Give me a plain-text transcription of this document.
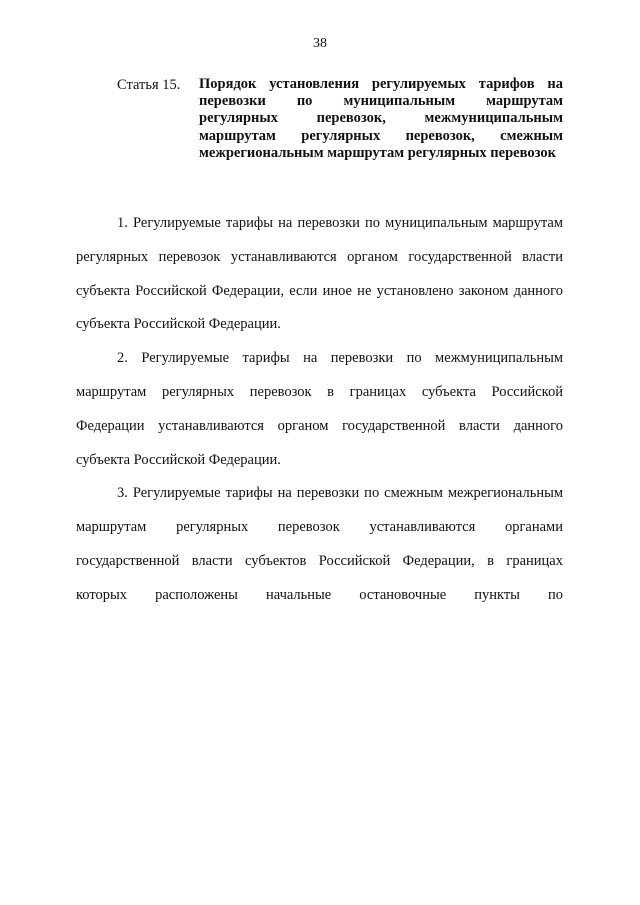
38
Статья 15.	Порядок установления регулируемых тарифов на перевозки по муниципальным маршрутам регулярных перевозок, межмуниципальным маршрутам регулярных перевозок, смежным межрегиональным маршрутам регулярных перевозок

1. Регулируемые тарифы на перевозки по муниципальным маршрутам регулярных перевозок устанавливаются органом государственной власти субъекта Российской Федерации, если иное не установлено законом данного субъекта Российской Федерации.

2. Регулируемые тарифы на перевозки по межмуниципальным маршрутам регулярных перевозок в границах субъекта Российской Федерации устанавливаются органом государственной власти данного субъекта Российской Федерации.

3. Регулируемые тарифы на перевозки по смежным межрегиональным маршрутам регулярных перевозок устанавливаются органами государственной власти субъектов Российской Федерации, в границах которых расположены начальные остановочные пункты по
